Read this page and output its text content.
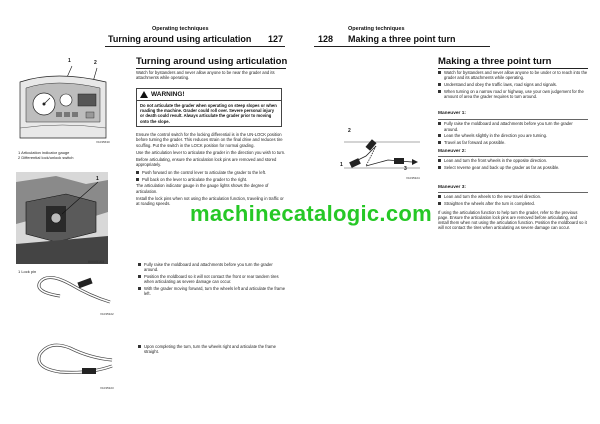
Operating techniques
Turning around using articulation 127
1	2
V1035630
1 Articulation indicator gauge
2 Differential lock/unlock switch
1
00005163
1 Lock pin
Turning around using articulation
Watch for bystanders and never allow anyone to be near the grader and its attachments while operating.
WARNING!
Do not articulate the grader when operating on steep slopes or when roading the machine. Grader could roll over. Severe personal injury or death could result. Always articulate the grader prior to moving onto the slope.

Ensure the control switch for the locking differential is in the UN-LOCK position before turning the grader. This reduces strain on the final drive and reduces tire scuffing. Put the switch in the LOCK position for normal grading.

Use the articulation lever to articulate the grader in the direction you wish to turn.

Before articulating, ensure the articulation lock pins are removed and stored appropriately.

Push forward on the control lever to articulate the grader to the left.
Pull back on the lever to articulate the grader to the right.

The articulation indicator gauge in the gauge lights shows the degree of articulation.

Install the lock pins when not using the articulation function, traveling in traffic or at roading speeds.

V1035322
Fully raise the moldboard and attachments before you turn the grader around.
Position the moldboard so it will not contact the front or rear tandem tires when articulating as severe damage can occur.
With the grader moving forward, turn the wheels left and articulate the frame left.
V1035323
Upon completing the turn, turn the wheels right and articulate the frame straight.
Operating techniques
128 Making a three point turn
2
1
3
V1035324
Making a three point turn
Watch for bystanders and never allow anyone to be under or to reach into the grader and its attachments while operating.
Understand and obey the traffic laws, road signs and signals.
When turning on a narrow road or highway, use your own judgement for the amount of area the grader requires to turn around.
Maneuver 1:
Fully raise the moldboard and attachments before you turn the grader around.
Lean the wheels slightly in the direction you are turning.
Travel as far forward as possible.
Maneuver 2:
Lean and turn the front wheels in the opposite direction.
Select reverse gear and back up the grader as far as possible.
Maneuver 3:
Lean and turn the wheels to the new travel direction.
Straighten the wheels after the turn is completed.

If using the articulation function to help turn the grader, refer to the previous page. Ensure the articulation lock pins are removed before articulating, and install them when not using the articulation function. Position the moldboard so it will not contact the tires when articulating as severe damage can occur.

machinecatalogic.com
